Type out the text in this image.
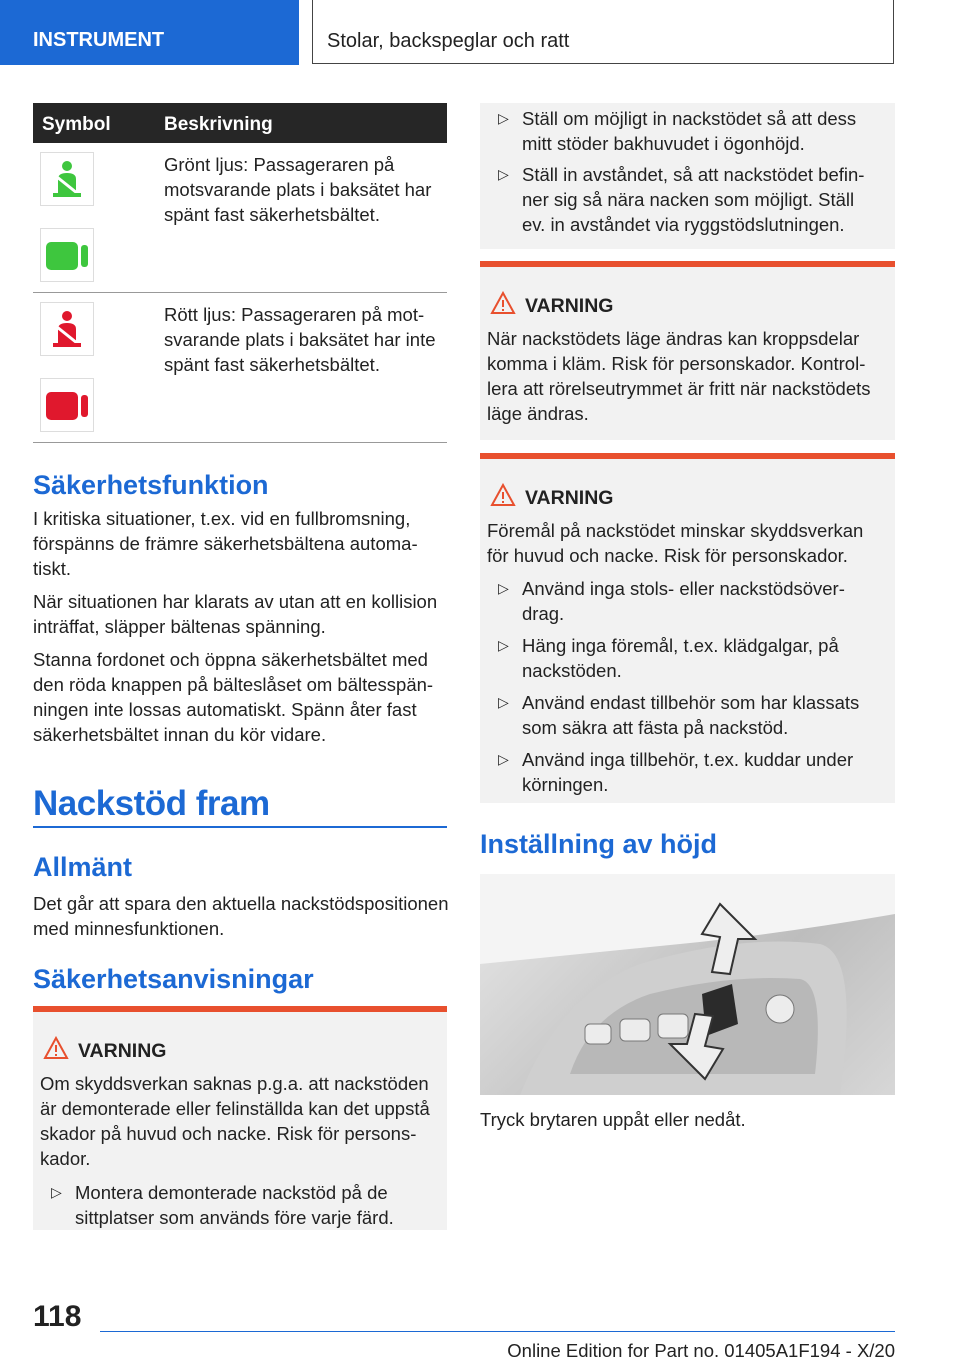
INSTRUMENT	Stolar, backspeglar och ratt
Symbol	Beskrivning
Grönt ljus: Passageraren på motsvarande plats i baksätet har spänt fast säkerhetsbältet.
Rött ljus: Passageraren på motsvarande plats i baksätet har inte spänt fast säkerhetsbältet.
Säkerhetsfunktion

I kritiska situationer, t.ex. vid en fullbromsning, förspänns de främre säkerhetsbältena automatiskt.

När situationen har klarats av utan att en kollision inträffat, släpper bältenas spänning.

Stanna fordonet och öppna säkerhetsbältet med den röda knappen på bälteslåset om bältesspänningen inte lossas automatiskt. Spänn åter fast säkerhetsbältet innan du kör vidare.

Nackstöd fram
Allmänt

Det går att spara den aktuella nackstödspositionen med minnesfunktionen.

Säkerhetsanvisningar
VARNING

Om skyddsverkan saknas p.g.a. att nackstöden är demonterade eller felinställda kan det uppstå skador på huvud och nacke. Risk för personskador.

▷ Montera demonterade nackstöd på de sittplatser som används före varje färd.
▷ Ställ om möjligt in nackstödet så att dess mitt stöder bakhuvudet i ögonhöjd.
▷ Ställ in avståndet, så att nackstödet befinner sig så nära nacken som möjligt. Ställ ev. in avståndet via ryggstödslutningen.
VARNING

När nackstödets läge ändras kan kroppsdelar komma i kläm. Risk för personskador. Kontrollera att rörelseutrymmet är fritt när nackstödets läge ändras.

VARNING

Föremål på nackstödet minskar skyddsverkan för huvud och nacke. Risk för personskador.

▷ Använd inga stols- eller nackstödsöverdrag.
▷ Häng inga föremål, t.ex. klädgalgar, på nackstöden.
▷ Använd endast tillbehör som har klassats som säkra att fästa på nackstöd.
▷ Använd inga tillbehör, t.ex. kuddar under körningen.
Inställning av höjd

Tryck brytaren uppåt eller nedåt.

118
Online Edition for Part no. 01405A1F194 - X/20
